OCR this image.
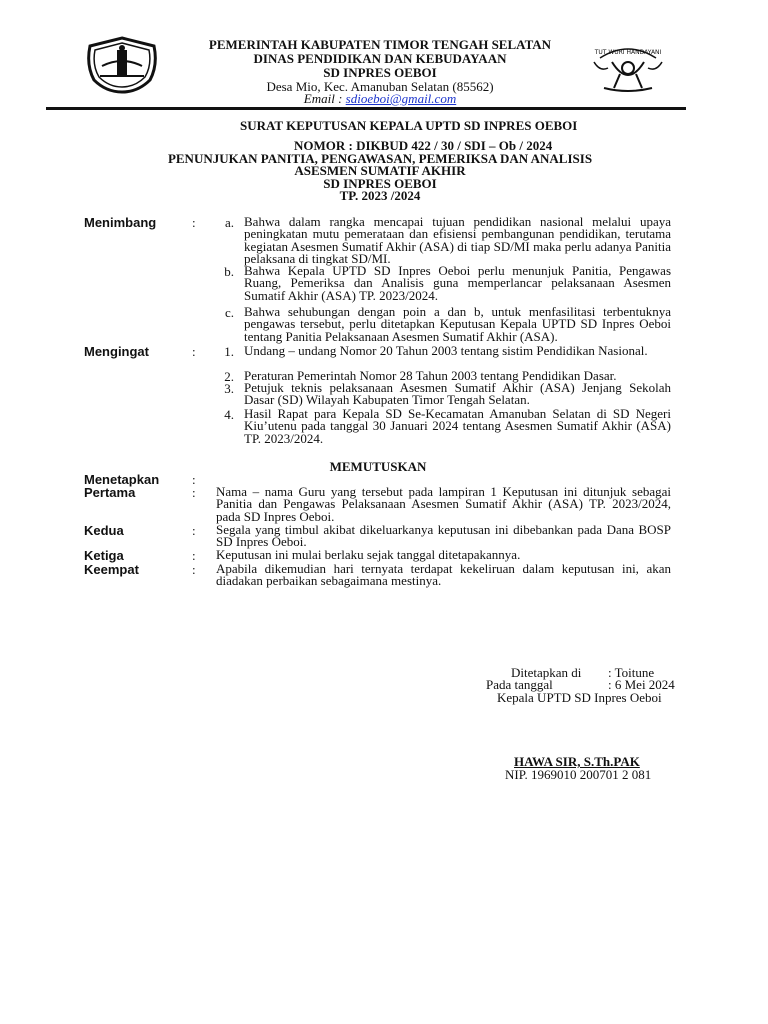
TUT WURI HANDAYANI
PEMERINTAH KABUPATEN TIMOR TENGAH SELATAN
DINAS PENDIDIKAN DAN KEBUDAYAAN
SD INPRES OEBOI
Desa Mio, Kec. Amanuban Selatan (85562)
Email : sdioeboi@gmail.com
SURAT KEPUTUSAN KEPALA UPTD SD INPRES OEBOI
NOMOR : DIKBUD 422 / 30 / SDI – Ob / 2024
PENUNJUKAN PANITIA, PENGAWASAN, PEMERIKSA DAN ANALISIS
ASESMEN SUMATIF AKHIR
SD INPRES OEBOI
TP. 2023 /2024
Menimbang	:	a. Bahwa dalam rangka mencapai tujuan pendidikan nasional melalui upaya peningkatan mutu pemerataan dan efisiensi pembangunan pendidikan, terutama kegiatan Asesmen Sumatif Akhir (ASA) di tiap SD/MI maka perlu adanya Panitia pelaksana di tingkat SD/MI.
b. Bahwa Kepala UPTD SD Inpres Oeboi perlu menunjuk Panitia, Pengawas Ruang, Pemeriksa dan Analisis guna memperlancar pelaksanaan Asesmen Sumatif Akhir (ASA) TP. 2023/2024.
c. Bahwa sehubungan dengan poin a dan b, untuk menfasilitasi terbentuknya pengawas tersebut, perlu ditetapkan Keputusan Kepala UPTD SD Inpres Oeboi tentang Panitia Pelaksanaan Asesmen Sumatif Akhir (ASA).
Mengingat	:	1. Undang – undang Nomor 20 Tahun 2003 tentang sistim Pendidikan Nasional.
2. Peraturan Pemerintah Nomor 28 Tahun 2003 tentang Pendidikan Dasar.
3. Petujuk teknis pelaksanaan Asesmen Sumatif Akhir (ASA) Jenjang Sekolah Dasar (SD) Wilayah Kabupaten Timor Tengah Selatan.
4. Hasil Rapat para Kepala SD Se-Kecamatan Amanuban Selatan di SD Negeri Kiu’utenu pada tanggal 30 Januari 2024 tentang Asesmen Sumatif Akhir (ASA) TP. 2023/2024.
MEMUTUSKAN
Menetapkan	:
Pertama	: Nama – nama Guru yang tersebut pada lampiran 1 Keputusan ini ditunjuk sebagai Panitia dan Pengawas Pelaksanaan Asesmen Sumatif Akhir (ASA) TP. 2023/2024, pada SD Inpres Oeboi.
Kedua	: Segala yang timbul akibat dikeluarkanya keputusan ini dibebankan pada Dana BOSP SD Inpres Oeboi.
Ketiga	: Keputusan ini mulai berlaku sejak tanggal ditetapakannya.
Keempat	: Apabila dikemudian hari ternyata terdapat kekeliruan dalam keputusan ini, akan diadakan perbaikan sebagaimana mestinya.
Ditetapkan di : Toitune
Pada tanggal	: 6 Mei 2024
Kepala UPTD SD Inpres Oeboi
HAWA SIR, S.Th.PAK
NIP. 1969010 200701 2 081
